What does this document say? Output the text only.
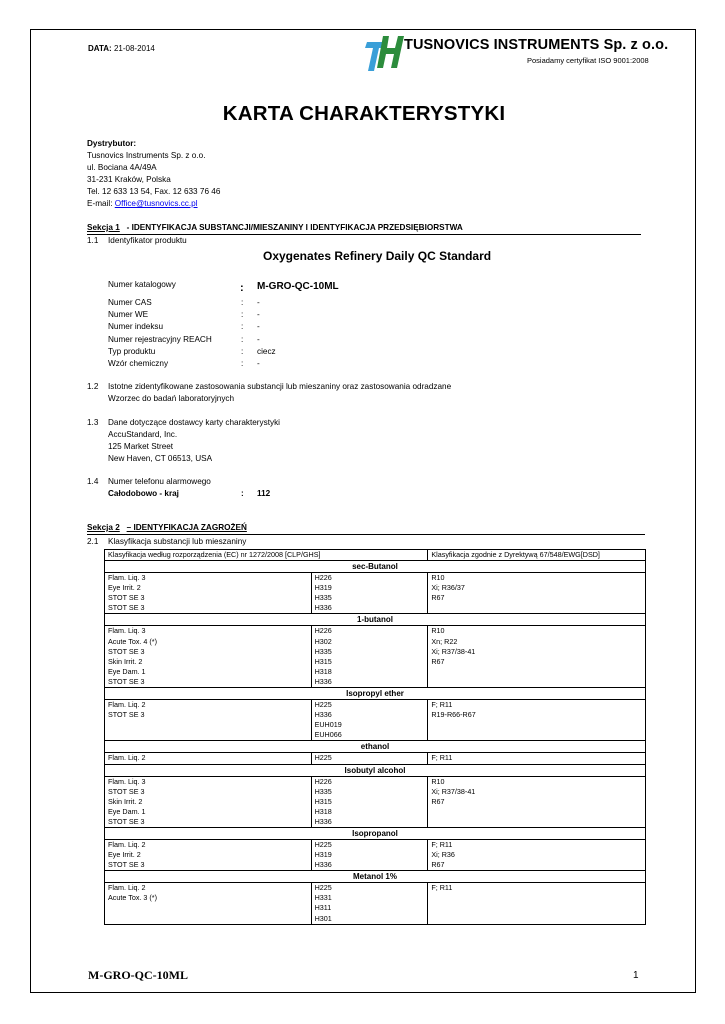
DATA: 21-08-2014	TUSNOVICS INSTRUMENTS Sp. z o.o.
Posiadamy certyfikat ISO 9001:2008
KARTA CHARAKTERYSTYKI
Dystrybutor:
Tusnovics Instruments Sp. z o.o.
ul. Bociana 4A/49A
31-231 Kraków, Polska
Tel. 12 633 13 54, Fax. 12 633 76 46
E-mail: Office@tusnovics.cc.pl
Sekcja 1 - IDENTYFIKACJA SUBSTANCJI/MIESZANINY I IDENTYFIKACJA PRZEDSIĘBIORSTWA
1.1 Identyfikator produktu
Oxygenates Refinery Daily QC Standard
Numer katalogowy	: M-GRO-QC-10ML
Numer CAS	: -
Numer WE	: -
Numer indeksu	: -
Numer rejestracyjny REACH	: -
Typ produktu	: ciecz
Wzór chemiczny	: -
1.2 Istotne zidentyfikowane zastosowania substancji lub mieszaniny oraz zastosowania odradzane
Wzorzec do badań laboratoryjnych
1.3 Dane dotyczące dostawcy karty charakterystyki
AccuStandard, Inc.
125 Market Street
New Haven, CT 06513, USA
1.4 Numer telefonu alarmowego
Całodobowo - kraj	: 112
Sekcja 2 – IDENTYFIKACJA ZAGROŻEŃ
2.1 Klasyfikacja substancji lub mieszaniny
Klasyfikacja według rozporządzenia (EC) nr 1272/2008 [CLP/GHS]		Klasyfikacja zgodnie z Dyrektywą 67/548/EWG[DSD]
sec-Butanol		
Flam. Liq. 3	H226	R10
Eye Irrit. 2	H319	Xi; R36/37
STOT SE 3	H335	R67
STOT SE 3	H336	
1-butanol		
Flam. Liq. 3	H226	R10
Acute Tox. 4 (*)	H302	Xn; R22
STOT SE 3	H335	Xi; R37/38-41
Skin Irrit. 2	H315	R67
Eye Dam. 1	H318	
STOT SE 3	H336	
Isopropyl ether		
Flam. Liq. 2	H225	F; R11
STOT SE 3	H336	R19-R66-R67
	EUH019	
	EUH066	
ethanol		
Flam. Liq. 2	H225	F; R11
Isobutyl alcohol		
Flam. Liq. 3	H226	R10
STOT SE 3	H335	Xi; R37/38-41
Skin Irrit. 2	H315	R67
Eye Dam. 1	H318	
STOT SE 3	H336	
Isopropanol		
Flam. Liq. 2	H225	F; R11
Eye Irrit. 2	H319	Xi; R36
STOT SE 3	H336	R67
Metanol 1%		
Flam. Liq. 2	H225	F; R11
Acute Tox. 3 (*)	H331	
	H311	
	H301	
M-GRO-QC-10ML	1
